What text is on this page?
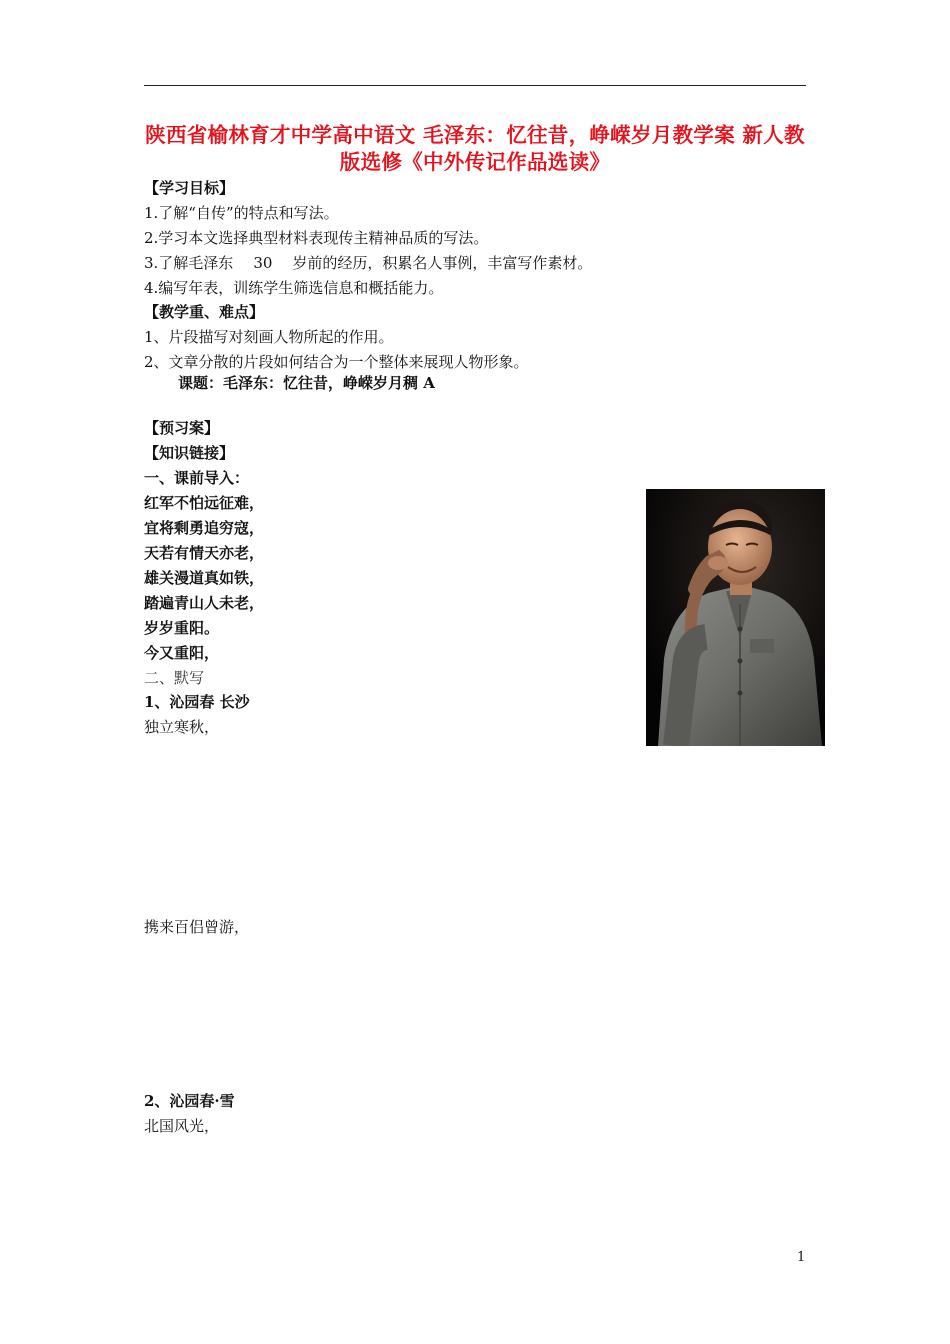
陕西省榆林育才中学高中语文 毛泽东：忆往昔，峥嵘岁月教学案 新人教版选修《中外传记作品选读》
【学习目标】
1.了解“自传”的特点和写法。
2.学习本文选择典型材料表现传主精神品质的写法。
3.了解毛泽东 30 岁前的经历，积累名人事例，丰富写作素材。
4.编写年表，训练学生筛选信息和概括能力。
【教学重、难点】
1、片段描写对刻画人物所起的作用。
2、文章分散的片段如何结合为一个整体来展现人物形象。
课题：毛泽东：忆往昔，峥嵘岁月稠 A
【预习案】
【知识链接】
一、课前导入：
红军不怕远征难，
宜将剩勇追穷寇，
天若有情天亦老，
雄关漫道真如铁，
踏遍青山人未老，
岁岁重阳。
今又重阳，
二、默写
1、沁园春 长沙
独立寒秋，
携来百侣曾游，
2、沁园春·雪
北国风光，
1
